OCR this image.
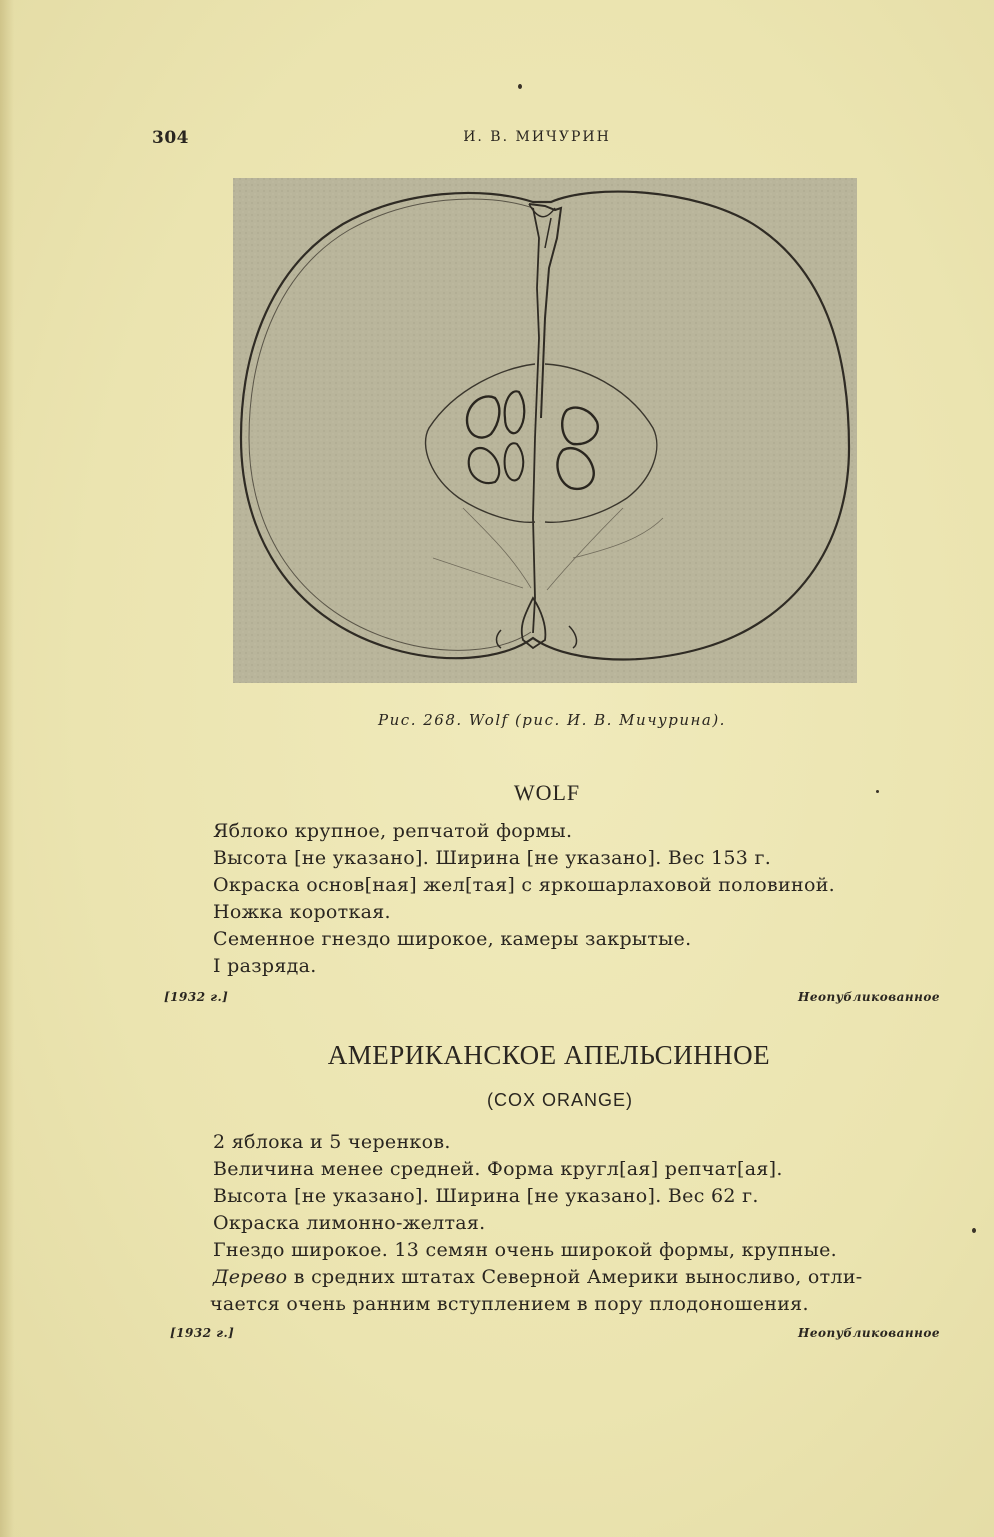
304	И. В. МИЧУРИН
Рис. 268. Wolf (рис. И. В. Мичурина).
WOLF
Яблоко крупное, репчатой формы.
Высота [не указано]. Ширина [не указано]. Вес 153 г.
Окраска основ[ная] жел[тая] с яркошарлаховой половиной.
Ножка короткая.
Семенное гнездо широкое, камеры закрытые.
I разряда.
[1932 г.]	Неопубликованное
АМЕРИКАНСКОЕ АПЕЛЬСИННОЕ
(COX ORANGE)
2 яблока и 5 черенков.
Величина менее средней. Форма кругл[ая] репчат[ая].
Высота [не указано]. Ширина [не указано]. Вес 62 г.
Окраска лимонно-желтая.
Гнездо широкое. 13 семян очень широкой формы, крупные.
Дерево в средних штатах Северной Америки выносливо, отли-
чается очень ранним вступлением в пору плодоношения.
[1932 г.]	Неопубликованное
